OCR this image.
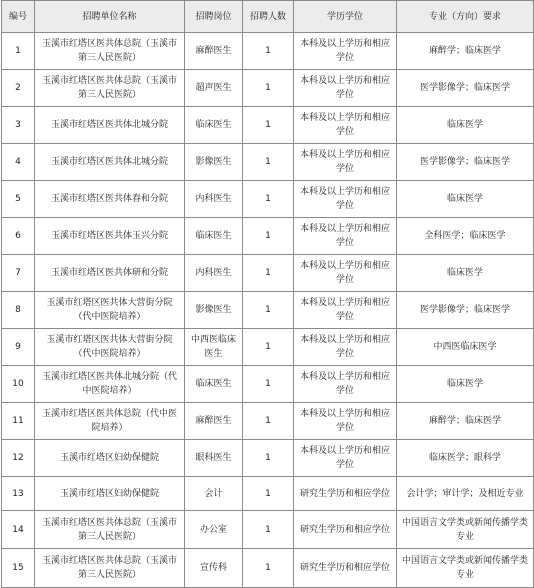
编号	招聘单位名称	招聘岗位	招聘人数	学历学位	专业（方向）要求
1	玉溪市红塔区医共体总院（玉溪市第三人民医院）	麻醉医生	1	本科及以上学历和相应学位	麻醉学；临床医学
2	玉溪市红塔区医共体总院（玉溪市第三人民医院）	超声医生	1	本科及以上学历和相应学位	医学影像学；临床医学
3	玉溪市红塔区医共体北城分院	临床医生	1	本科及以上学历和相应学位	临床医学
4	玉溪市红塔区医共体北城分院	影像医生	1	本科及以上学历和相应学位	医学影像学；临床医学
5	玉溪市红塔区医共体春和分院	内科医生	1	本科及以上学历和相应学位	临床医学
6	玉溪市红塔区医共体玉兴分院	临床医生	1	本科及以上学历和相应学位	全科医学；临床医学
7	玉溪市红塔区医共体研和分院	内科医生	1	本科及以上学历和相应学位	临床医学
8	玉溪市红塔区医共体大营街分院（代中医院培养）	影像医生	1	本科及以上学历和相应学位	医学影像学；临床医学
9	玉溪市红塔区医共体大营街分院（代中医院培养）	中西医临床医生	1	本科及以上学历和相应学位	中西医临床医学
10	玉溪市红塔区医共体北城分院（代中医院培养）	临床医生	1	本科及以上学历和相应学位	临床医学
11	玉溪市红塔区医共体总院（代中医院培养）	麻醉医生	1	本科及以上学历和相应学位	麻醉学；临床医学
12	玉溪市红塔区妇幼保健院	眼科医生	1	本科及以上学历和相应学位	临床医学；眼科学
13	玉溪市红塔区妇幼保健院	会计	1	研究生学历和相应学位	会计学；审计学；及相近专业
14	玉溪市红塔区医共体总院（玉溪市第三人民医院）	办公室	1	研究生学历和相应学位	中国语言文学类或新闻传播学类专业
15	玉溪市红塔区医共体总院（玉溪市第三人民医院）	宣传科	1	研究生学历和相应学位	中国语言文学类或新闻传播学类专业
